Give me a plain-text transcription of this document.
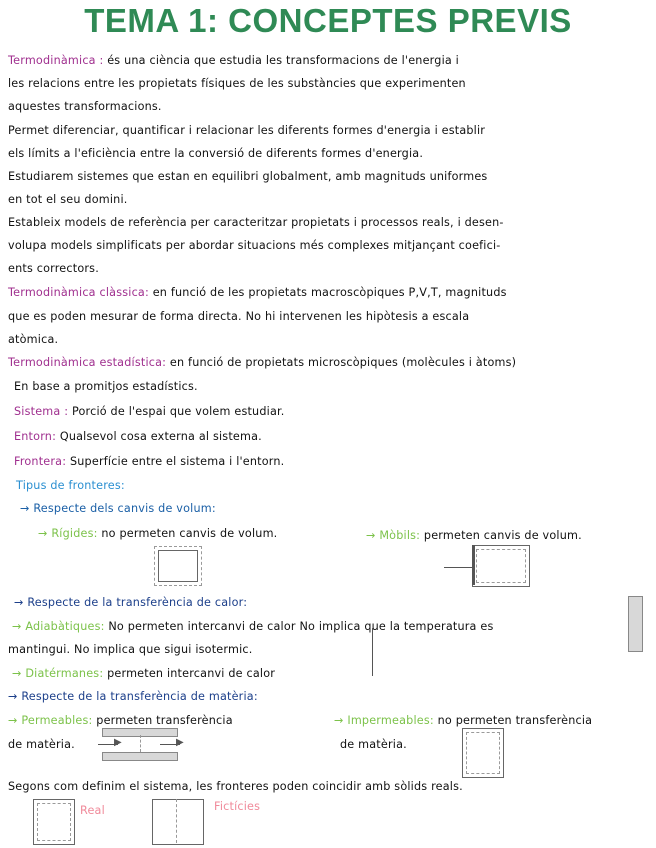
TEMA 1: CONCEPTES PREVIS
Termodinàmica : és una ciència que estudia les transformacions de l'energia i
les relacions entre les propietats físiques de les substàncies que experimenten
aquestes transformacions.
Permet diferenciar, quantificar i relacionar les diferents formes d'energia i establir
els límits a l'eficiència entre la conversió de diferents formes d'energia.
Estudiarem sistemes que estan en equilibri globalment, amb magnituds uniformes
en tot el seu domini.
Estableix models de referència per caracteritzar propietats i processos reals, i desen-
volupa models simplificats per abordar situacions més complexes mitjançant coefici-
ents correctors.
Termodinàmica clàssica: en funció de les propietats macroscòpiques P,V,T, magnituds
que es poden mesurar de forma directa. No hi intervenen les hipòtesis a escala
atòmica.
Termodinàmica estadística: en funció de propietats microscòpiques (molècules i àtoms)
En base a promitjos estadístics.
Sistema : Porció de l'espai que volem estudiar.
Entorn: Qualsevol cosa externa al sistema.
Frontera: Superfície entre el sistema i l'entorn.
Tipus de fronteres:
→ Respecte dels canvis de volum:
→ Rígides: no permeten canvis de volum.	→ Mòbils: permeten canvis de volum.
→ Respecte de la transferència de calor:
→ Adiabàtiques: No permeten intercanvi de calor No implica que la temperatura es
mantingui. No implica que sigui isotermic.
→ Diatérmanes: permeten intercanvi de calor
→ Respecte de la transferència de matèria:
→ Permeables: permeten transferència
de matèria.
→ Impermeables: no permeten transferència
de matèria.
▶	▶
Segons com definim el sistema, les fronteres poden coincidir amb sòlids reals.
Real	Fictícies
